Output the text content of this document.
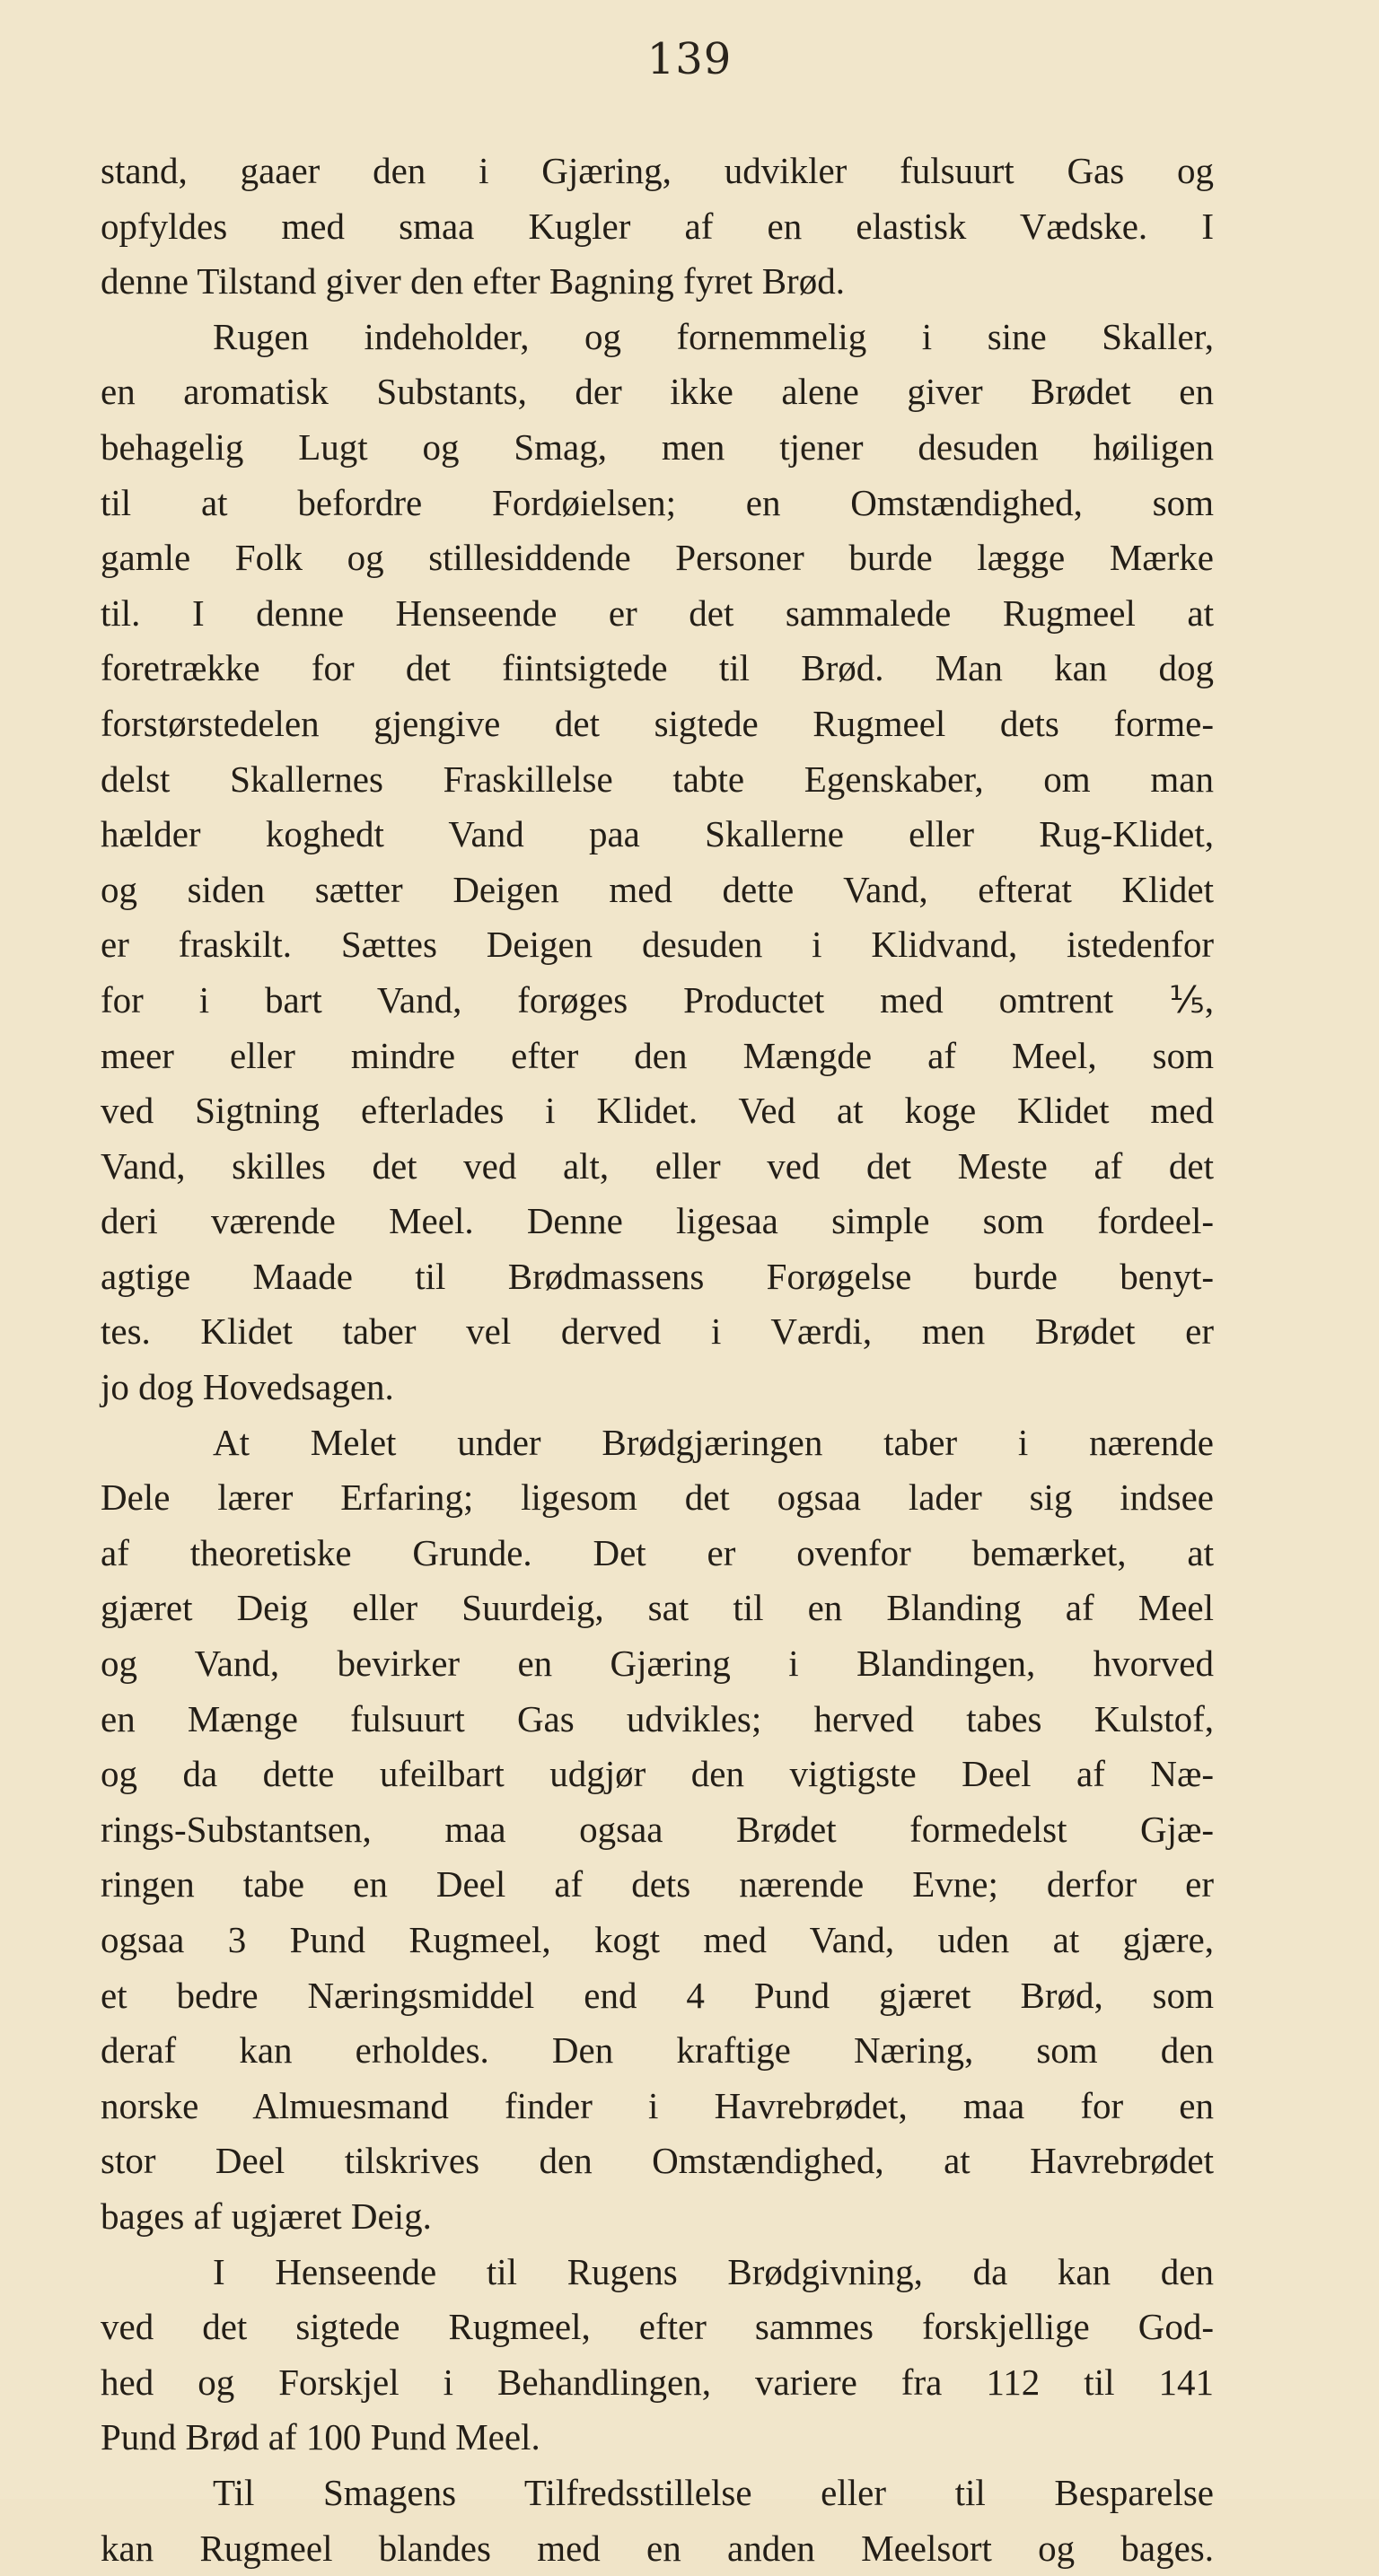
139
stand, gaaer den i Gjæring, udvikler fulsuurt Gas og
opfyldes med smaa Kugler af en elastisk Vædske. I
denne Tilstand giver den efter Bagning fyret Brød.
Rugen indeholder, og fornemmelig i sine Skaller,
en aromatisk Substants, der ikke alene giver Brødet en
behagelig Lugt og Smag, men tjener desuden høiligen
til at befordre Fordøielsen; en Omstændighed, som
gamle Folk og stillesiddende Personer burde lægge Mærke
til. I denne Henseende er det sammalede Rugmeel at
foretrække for det fiintsigtede til Brød. Man kan dog
forstørstedelen gjengive det sigtede Rugmeel dets forme-
delst Skallernes Fraskillelse tabte Egenskaber, om man
hælder koghedt Vand paa Skallerne eller Rug-Klidet,
og siden sætter Deigen med dette Vand, efterat Klidet
er fraskilt. Sættes Deigen desuden i Klidvand, istedenfor
for i bart Vand, forøges Productet med omtrent ⅕,
meer eller mindre efter den Mængde af Meel, som
ved Sigtning efterlades i Klidet. Ved at koge Klidet med
Vand, skilles det ved alt, eller ved det Meste af det
deri værende Meel. Denne ligesaa simple som fordeel-
agtige Maade til Brødmassens Forøgelse burde benyt-
tes. Klidet taber vel derved i Værdi, men Brødet er
jo dog Hovedsagen.
At Melet under Brødgjæringen taber i nærende
Dele lærer Erfaring; ligesom det ogsaa lader sig indsee
af theoretiske Grunde. Det er ovenfor bemærket, at
gjæret Deig eller Suurdeig, sat til en Blanding af Meel
og Vand, bevirker en Gjæring i Blandingen, hvorved
en Mænge fulsuurt Gas udvikles; herved tabes Kulstof,
og da dette ufeilbart udgjør den vigtigste Deel af Næ-
rings-Substantsen, maa ogsaa Brødet formedelst Gjæ-
ringen tabe en Deel af dets nærende Evne; derfor er
ogsaa 3 Pund Rugmeel, kogt med Vand, uden at gjære,
et bedre Næringsmiddel end 4 Pund gjæret Brød, som
deraf kan erholdes. Den kraftige Næring, som den
norske Almuesmand finder i Havrebrødet, maa for en
stor Deel tilskrives den Omstændighed, at Havrebrødet
bages af ugjæret Deig.
I Henseende til Rugens Brødgivning, da kan den
ved det sigtede Rugmeel, efter sammes forskjellige God-
hed og Forskjel i Behandlingen, variere fra 112 til 141
Pund Brød af 100 Pund Meel.
Til Smagens Tilfredsstillelse eller til Besparelse
kan Rugmeel blandes med en anden Meelsort og bages.
